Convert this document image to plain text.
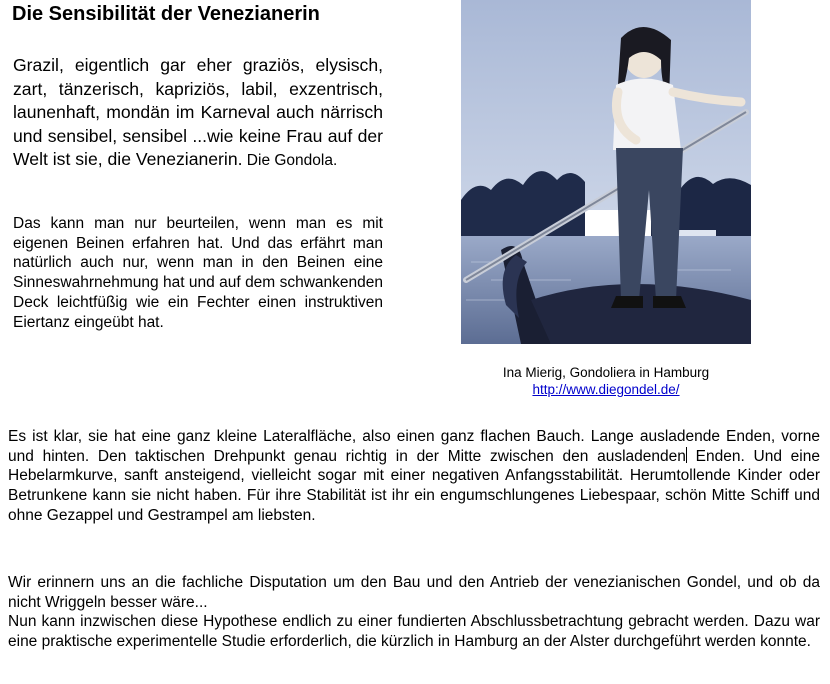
Die Sensibilität der Venezianerin
Grazil, eigentlich gar eher graziös, elysisch, zart, tänzerisch, kapriziös, labil, exzentrisch, launenhaft, mondän im Karneval auch närrisch und sensibel, sensibel ...wie keine Frau auf der Welt ist sie, die Venezianerin. Die Gondola.
Das kann man nur beurteilen, wenn man es mit eigenen Beinen erfahren hat. Und das erfährt man natürlich auch nur, wenn man in den Beinen eine Sinneswahrnehmung hat und auf dem schwankenden Deck leichtfüßig wie ein Fechter einen instruktiven Eiertanz eingeübt hat.
Ina Mierig, Gondoliera in Hamburg
http://www.diegondel.de/
Es ist klar, sie hat eine ganz kleine Lateralfläche, also einen ganz flachen Bauch. Lange ausladende Enden, vorne und hinten. Den taktischen Drehpunkt genau richtig in der Mitte zwischen den ausladenden Enden. Und eine Hebelarmkurve, sanft ansteigend, vielleicht sogar mit einer negativen Anfangsstabilität. Herumtollende Kinder oder Betrunkene kann sie nicht haben. Für ihre Stabilität ist ihr ein engumschlungenes Liebespaar, schön Mitte Schiff und ohne Gezappel und Gestrampel am liebsten.
Wir erinnern uns an die fachliche Disputation um den Bau und den Antrieb der venezianischen Gondel, und ob da nicht Wriggeln besser wäre...
Nun kann inzwischen diese Hypothese endlich zu einer fundierten Abschlussbetrachtung gebracht werden. Dazu war eine praktische experimentelle Studie erforderlich, die kürzlich in Hamburg an der Alster durchgeführt werden konnte.
